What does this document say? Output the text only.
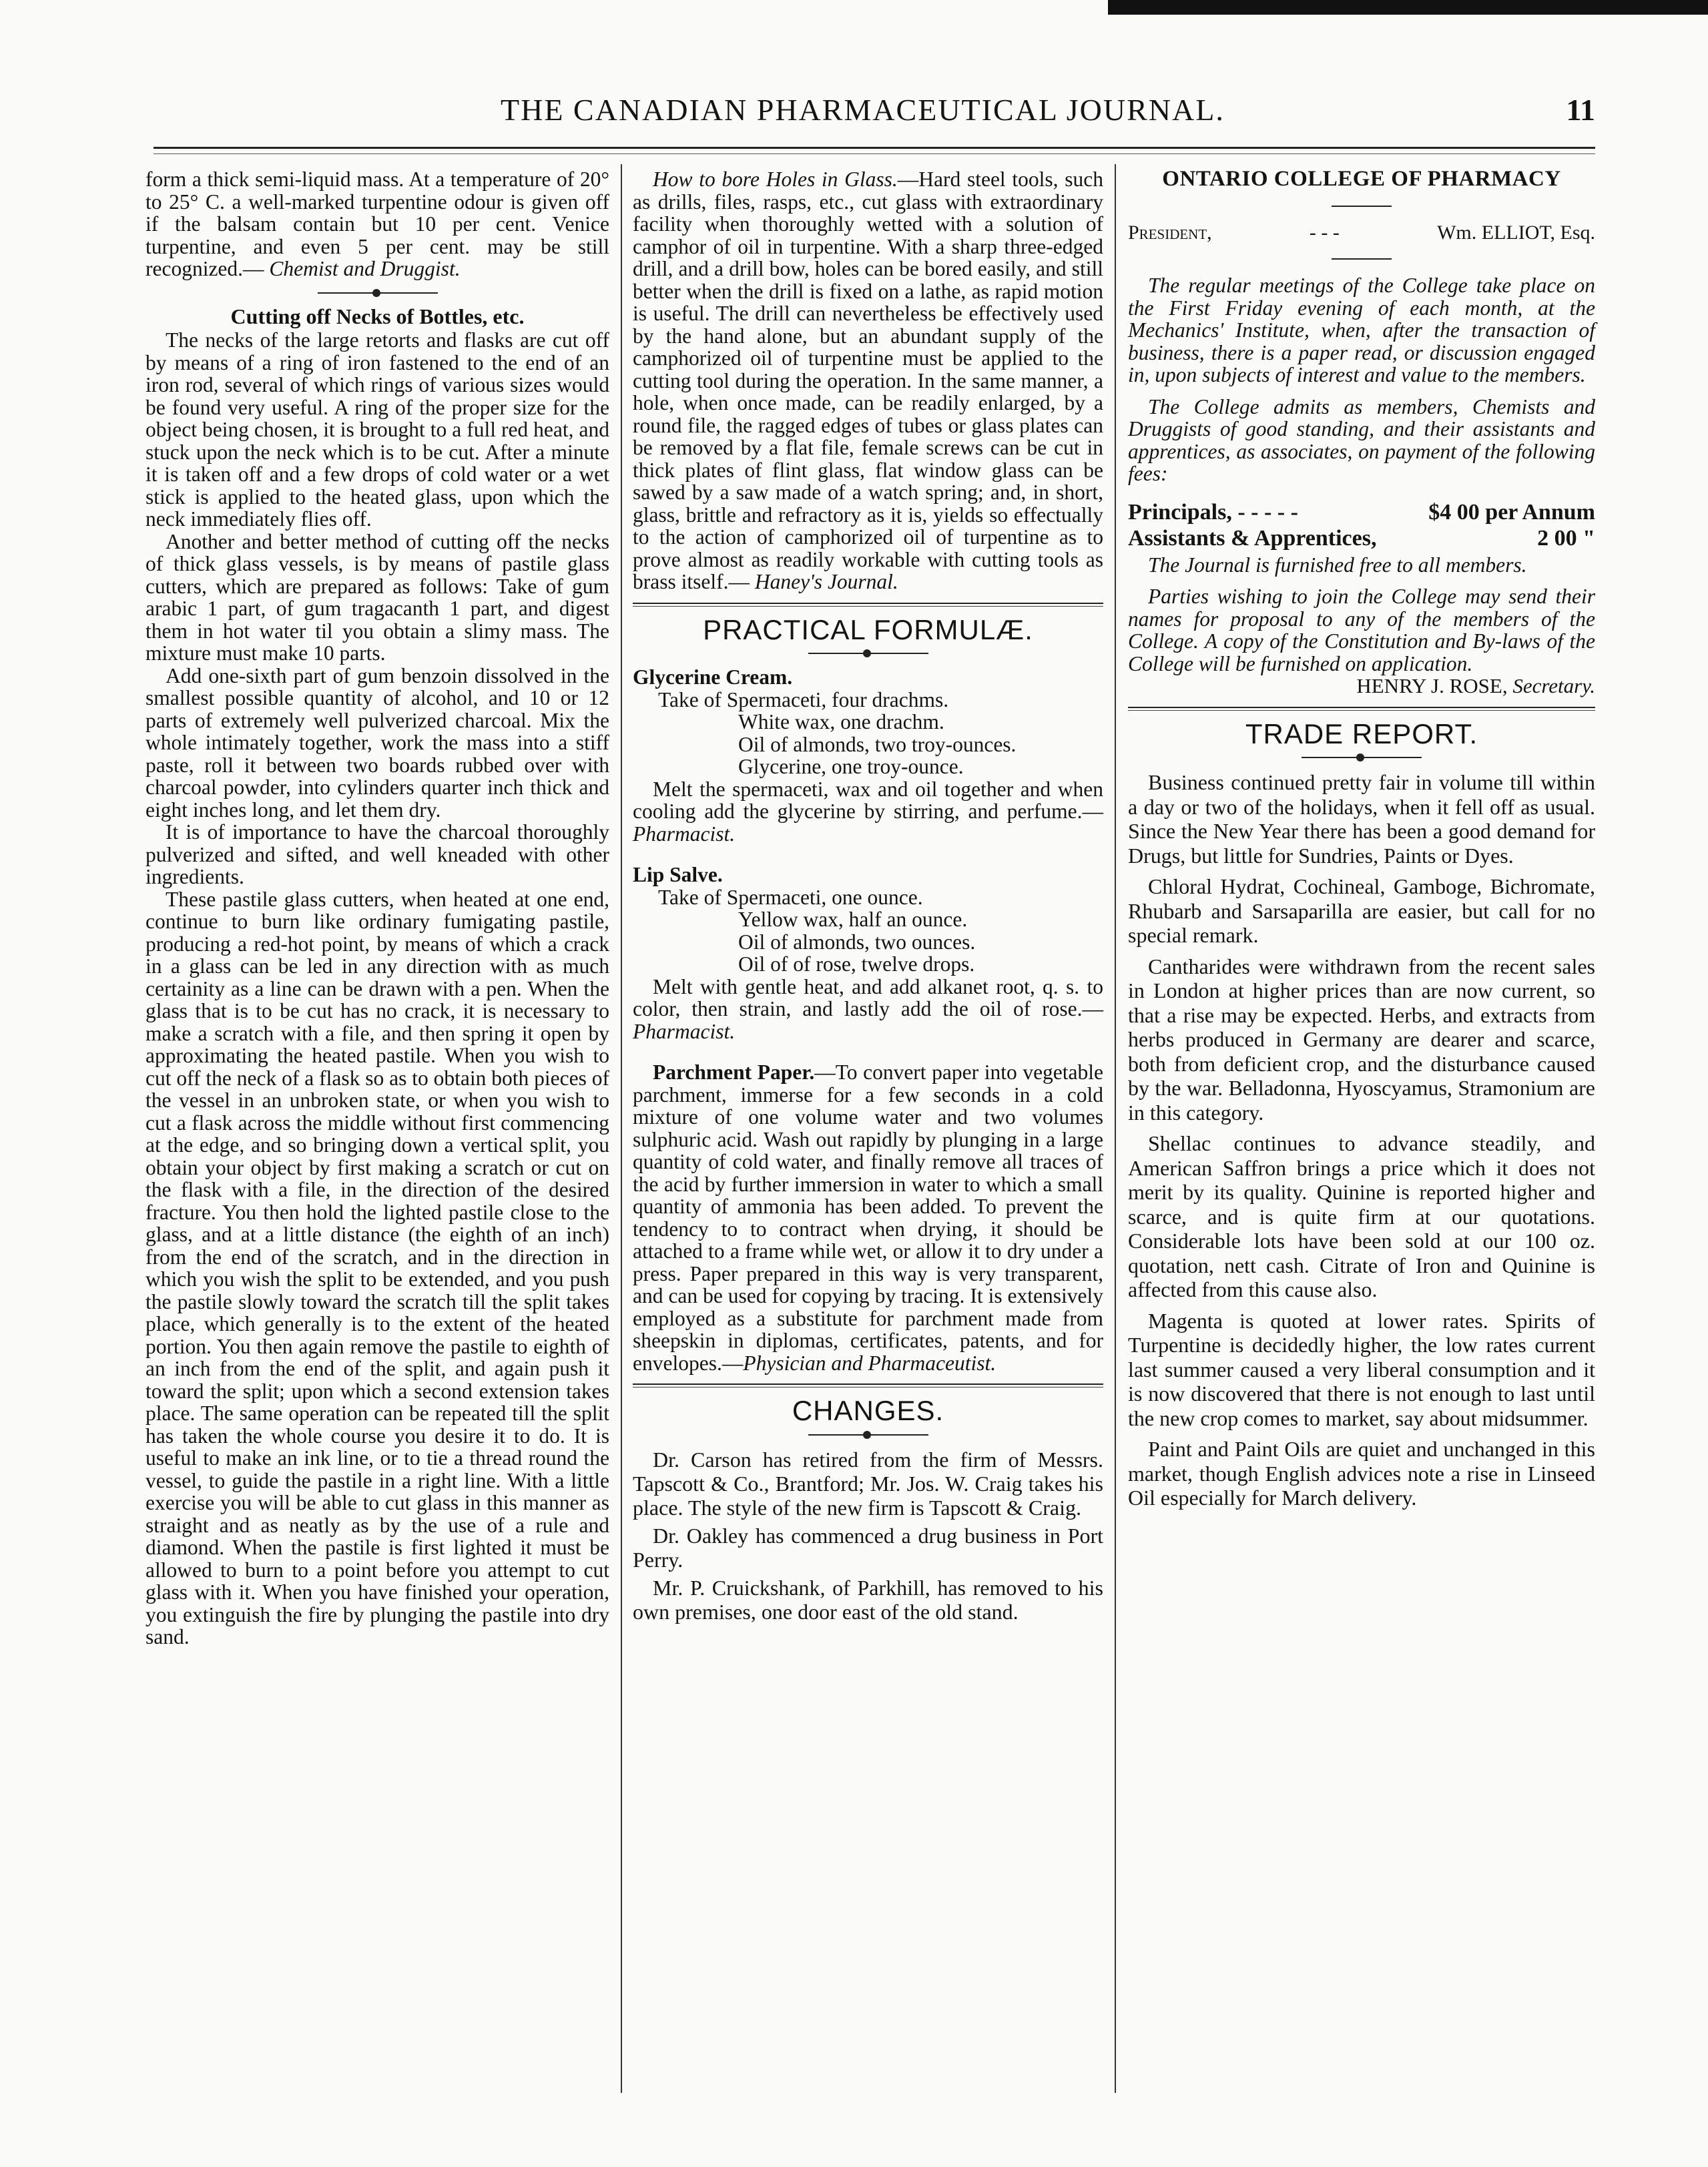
THE CANADIAN PHARMACEUTICAL JOURNAL.	11

form a thick semi-liquid mass. At a temperature of 20° to 25° C. a well-marked turpentine odour is given off if the balsam contain but 10 per cent. Venice turpentine, and even 5 per cent. may be still recognized.— Chemist and Druggist.

Cutting off Necks of Bottles, etc.

The necks of the large retorts and flasks are cut off by means of a ring of iron fastened to the end of an iron rod, several of which rings of various sizes would be found very useful. A ring of the proper size for the object being chosen, it is brought to a full red heat, and stuck upon the neck which is to be cut. After a minute it is taken off and a few drops of cold water or a wet stick is applied to the heated glass, upon which the neck immediately flies off.

Another and better method of cutting off the necks of thick glass vessels, is by means of pastile glass cutters, which are prepared as follows: Take of gum arabic 1 part, of gum tragacanth 1 part, and digest them in hot water til you obtain a slimy mass. The mixture must make 10 parts.

Add one-sixth part of gum benzoin dissolved in the smallest possible quantity of alcohol, and 10 or 12 parts of extremely well pulverized charcoal. Mix the whole intimately together, work the mass into a stiff paste, roll it between two boards rubbed over with charcoal powder, into cylinders quarter inch thick and eight inches long, and let them dry.

It is of importance to have the charcoal thoroughly pulverized and sifted, and well kneaded with other ingredients.

These pastile glass cutters, when heated at one end, continue to burn like ordinary fumigating pastile, producing a red-hot point, by means of which a crack in a glass can be led in any direction with as much certainity as a line can be drawn with a pen. When the glass that is to be cut has no crack, it is necessary to make a scratch with a file, and then spring it open by approximating the heated pastile. When you wish to cut off the neck of a flask so as to obtain both pieces of the vessel in an unbroken state, or when you wish to cut a flask across the middle without first commencing at the edge, and so bringing down a vertical split, you obtain your object by first making a scratch or cut on the flask with a file, in the direction of the desired fracture. You then hold the lighted pastile close to the glass, and at a little distance (the eighth of an inch) from the end of the scratch, and in the direction in which you wish the split to be extended, and you push the pastile slowly toward the scratch till the split takes place, which generally is to the extent of the heated portion. You then again remove the pastile to eighth of an inch from the end of the split, and again push it toward the split; upon which a second extension takes place. The same operation can be repeated till the split has taken the whole course you desire it to do. It is useful to make an ink line, or to tie a thread round the vessel, to guide the pastile in a right line. With a little exercise you will be able to cut glass in this manner as straight and as neatly as by the use of a rule and diamond. When the pastile is first lighted it must be allowed to burn to a point before you attempt to cut glass with it. When you have finished your operation, you extinguish the fire by plunging the pastile into dry sand.

How to bore Holes in Glass.—Hard steel tools, such as drills, files, rasps, etc., cut glass with extraordinary facility when thoroughly wetted with a solution of camphor of oil in turpentine. With a sharp three-edged drill, and a drill bow, holes can be bored easily, and still better when the drill is fixed on a lathe, as rapid motion is useful. The drill can nevertheless be effectively used by the hand alone, but an abundant supply of the camphorized oil of turpentine must be applied to the cutting tool during the operation. In the same manner, a hole, when once made, can be readily enlarged, by a round file, the ragged edges of tubes or glass plates can be removed by a flat file, female screws can be cut in thick plates of flint glass, flat window glass can be sawed by a saw made of a watch spring; and, in short, glass, brittle and refractory as it is, yields so effectually to the action of camphorized oil of turpentine as to prove almost as readily workable with cutting tools as brass itself.— Haney's Journal.

PRACTICAL FORMULÆ.
Glycerine Cream.
Take of Spermaceti, four drachms.
White wax, one drachm.
Oil of almonds, two troy-ounces.
Glycerine, one troy-ounce.

Melt the spermaceti, wax and oil together and when cooling add the glycerine by stirring, and perfume.—Pharmacist.

Lip Salve.
Take of Spermaceti, one ounce.
Yellow wax, half an ounce.
Oil of almonds, two ounces.
Oil of of rose, twelve drops.

Melt with gentle heat, and add alkanet root, q. s. to color, then strain, and lastly add the oil of rose.—Pharmacist.

Parchment Paper.—To convert paper into vegetable parchment, immerse for a few seconds in a cold mixture of one volume water and two volumes sulphuric acid. Wash out rapidly by plunging in a large quantity of cold water, and finally remove all traces of the acid by further immersion in water to which a small quantity of ammonia has been added. To prevent the tendency to to contract when drying, it should be attached to a frame while wet, or allow it to dry under a press. Paper prepared in this way is very transparent, and can be used for copying by tracing. It is extensively employed as a substitute for parchment made from sheepskin in diplomas, certificates, patents, and for envelopes.—Physician and Pharmaceutist.

CHANGES.

Dr. Carson has retired from the firm of Messrs. Tapscott & Co., Brantford; Mr. Jos. W. Craig takes his place. The style of the new firm is Tapscott & Craig.

Dr. Oakley has commenced a drug business in Port Perry.

Mr. P. Cruickshank, of Parkhill, has removed to his own premises, one door east of the old stand.

ONTARIO COLLEGE OF PHARMACY
President,	- - -	Wm. ELLIOT, Esq.

The regular meetings of the College take place on the First Friday evening of each month, at the Mechanics' Institute, when, after the transaction of business, there is a paper read, or discussion engaged in, upon subjects of interest and value to the members.

The College admits as members, Chemists and Druggists of good standing, and their assistants and apprentices, as associates, on payment of the following fees:

Principals, - - - - -	$4 00 per Annum
Assistants & Apprentices,	2 00 "

The Journal is furnished free to all members.

Parties wishing to join the College may send their names for proposal to any of the members of the College. A copy of the Constitution and By-laws of the College will be furnished on application.

HENRY J. ROSE, Secretary.
TRADE REPORT.

Business continued pretty fair in volume till within a day or two of the holidays, when it fell off as usual. Since the New Year there has been a good demand for Drugs, but little for Sundries, Paints or Dyes.

Chloral Hydrat, Cochineal, Gamboge, Bichromate, Rhubarb and Sarsaparilla are easier, but call for no special remark.

Cantharides were withdrawn from the recent sales in London at higher prices than are now current, so that a rise may be expected. Herbs, and extracts from herbs produced in Germany are dearer and scarce, both from deficient crop, and the disturbance caused by the war. Belladonna, Hyoscyamus, Stramonium are in this category.

Shellac continues to advance steadily, and American Saffron brings a price which it does not merit by its quality. Quinine is reported higher and scarce, and is quite firm at our quotations. Considerable lots have been sold at our 100 oz. quotation, nett cash. Citrate of Iron and Quinine is affected from this cause also.

Magenta is quoted at lower rates. Spirits of Turpentine is decidedly higher, the low rates current last summer caused a very liberal consumption and it is now discovered that there is not enough to last until the new crop comes to market, say about midsummer.

Paint and Paint Oils are quiet and unchanged in this market, though English advices note a rise in Linseed Oil especially for March delivery.
